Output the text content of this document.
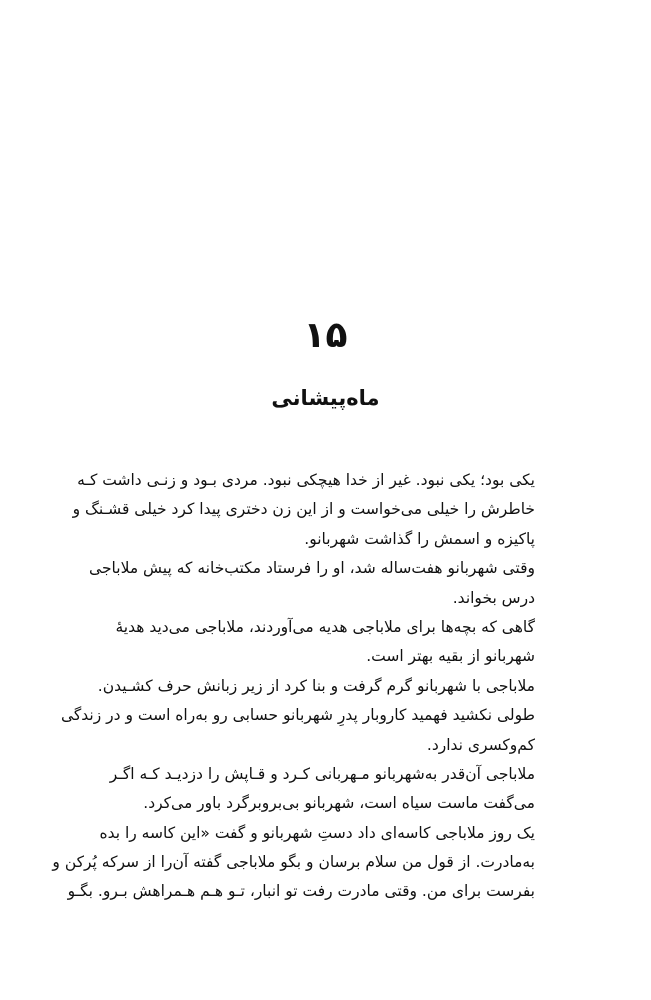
۱۵
ماه‌پیشانی
یکی بود؛ یکی نبود. غیر از خدا هیچکی نبود. مردی بـود و زنـی داشت کـه
خاطرش را خیلی می‌خواست و از این زن دختری پیدا کرد خیلی قشـنگ و
پاکیزه و اسمش را گذاشت شهربانو.
وقتی شهربانو هفت‌ساله شد، او را فرستاد مکتب‌خانه که پیش ملاباجی
درس بخواند.
گاهی که بچه‌ها برای ملاباجی هدیه می‌آوردند، ملاباجی می‌دید هدیهٔ
شهربانو از بقیه بهتر است.
ملاباجی با شهربانو گرم گرفت و بنا کرد از زیر زبانش حرف کشـیدن.
طولی نکشید فهمید کاروبار پدرِ شهربانو حسابی رو به‌راه است و در زندگی
کم‌وکسری ندارد.
ملاباجی آن‌قدر به‌شهربانو مـهربانی کـرد و قـاپش را دزدیـد کـه اگـر
می‌گفت ماست سیاه است، شهربانو بی‌بروبرگرد باور می‌کرد.
یک روز ملاباجی کاسه‌ای داد دستِ شهربانو و گفت «این کاسه را بده
به‌مادرت. از قول من سلام برسان و بگو ملاباجی گفته آن‌را از سرکه پُرکن و
بفرست برای من. وقتی مادرت رفت تو انبار، تـو هـم هـمراهش بـرو. بگـو
